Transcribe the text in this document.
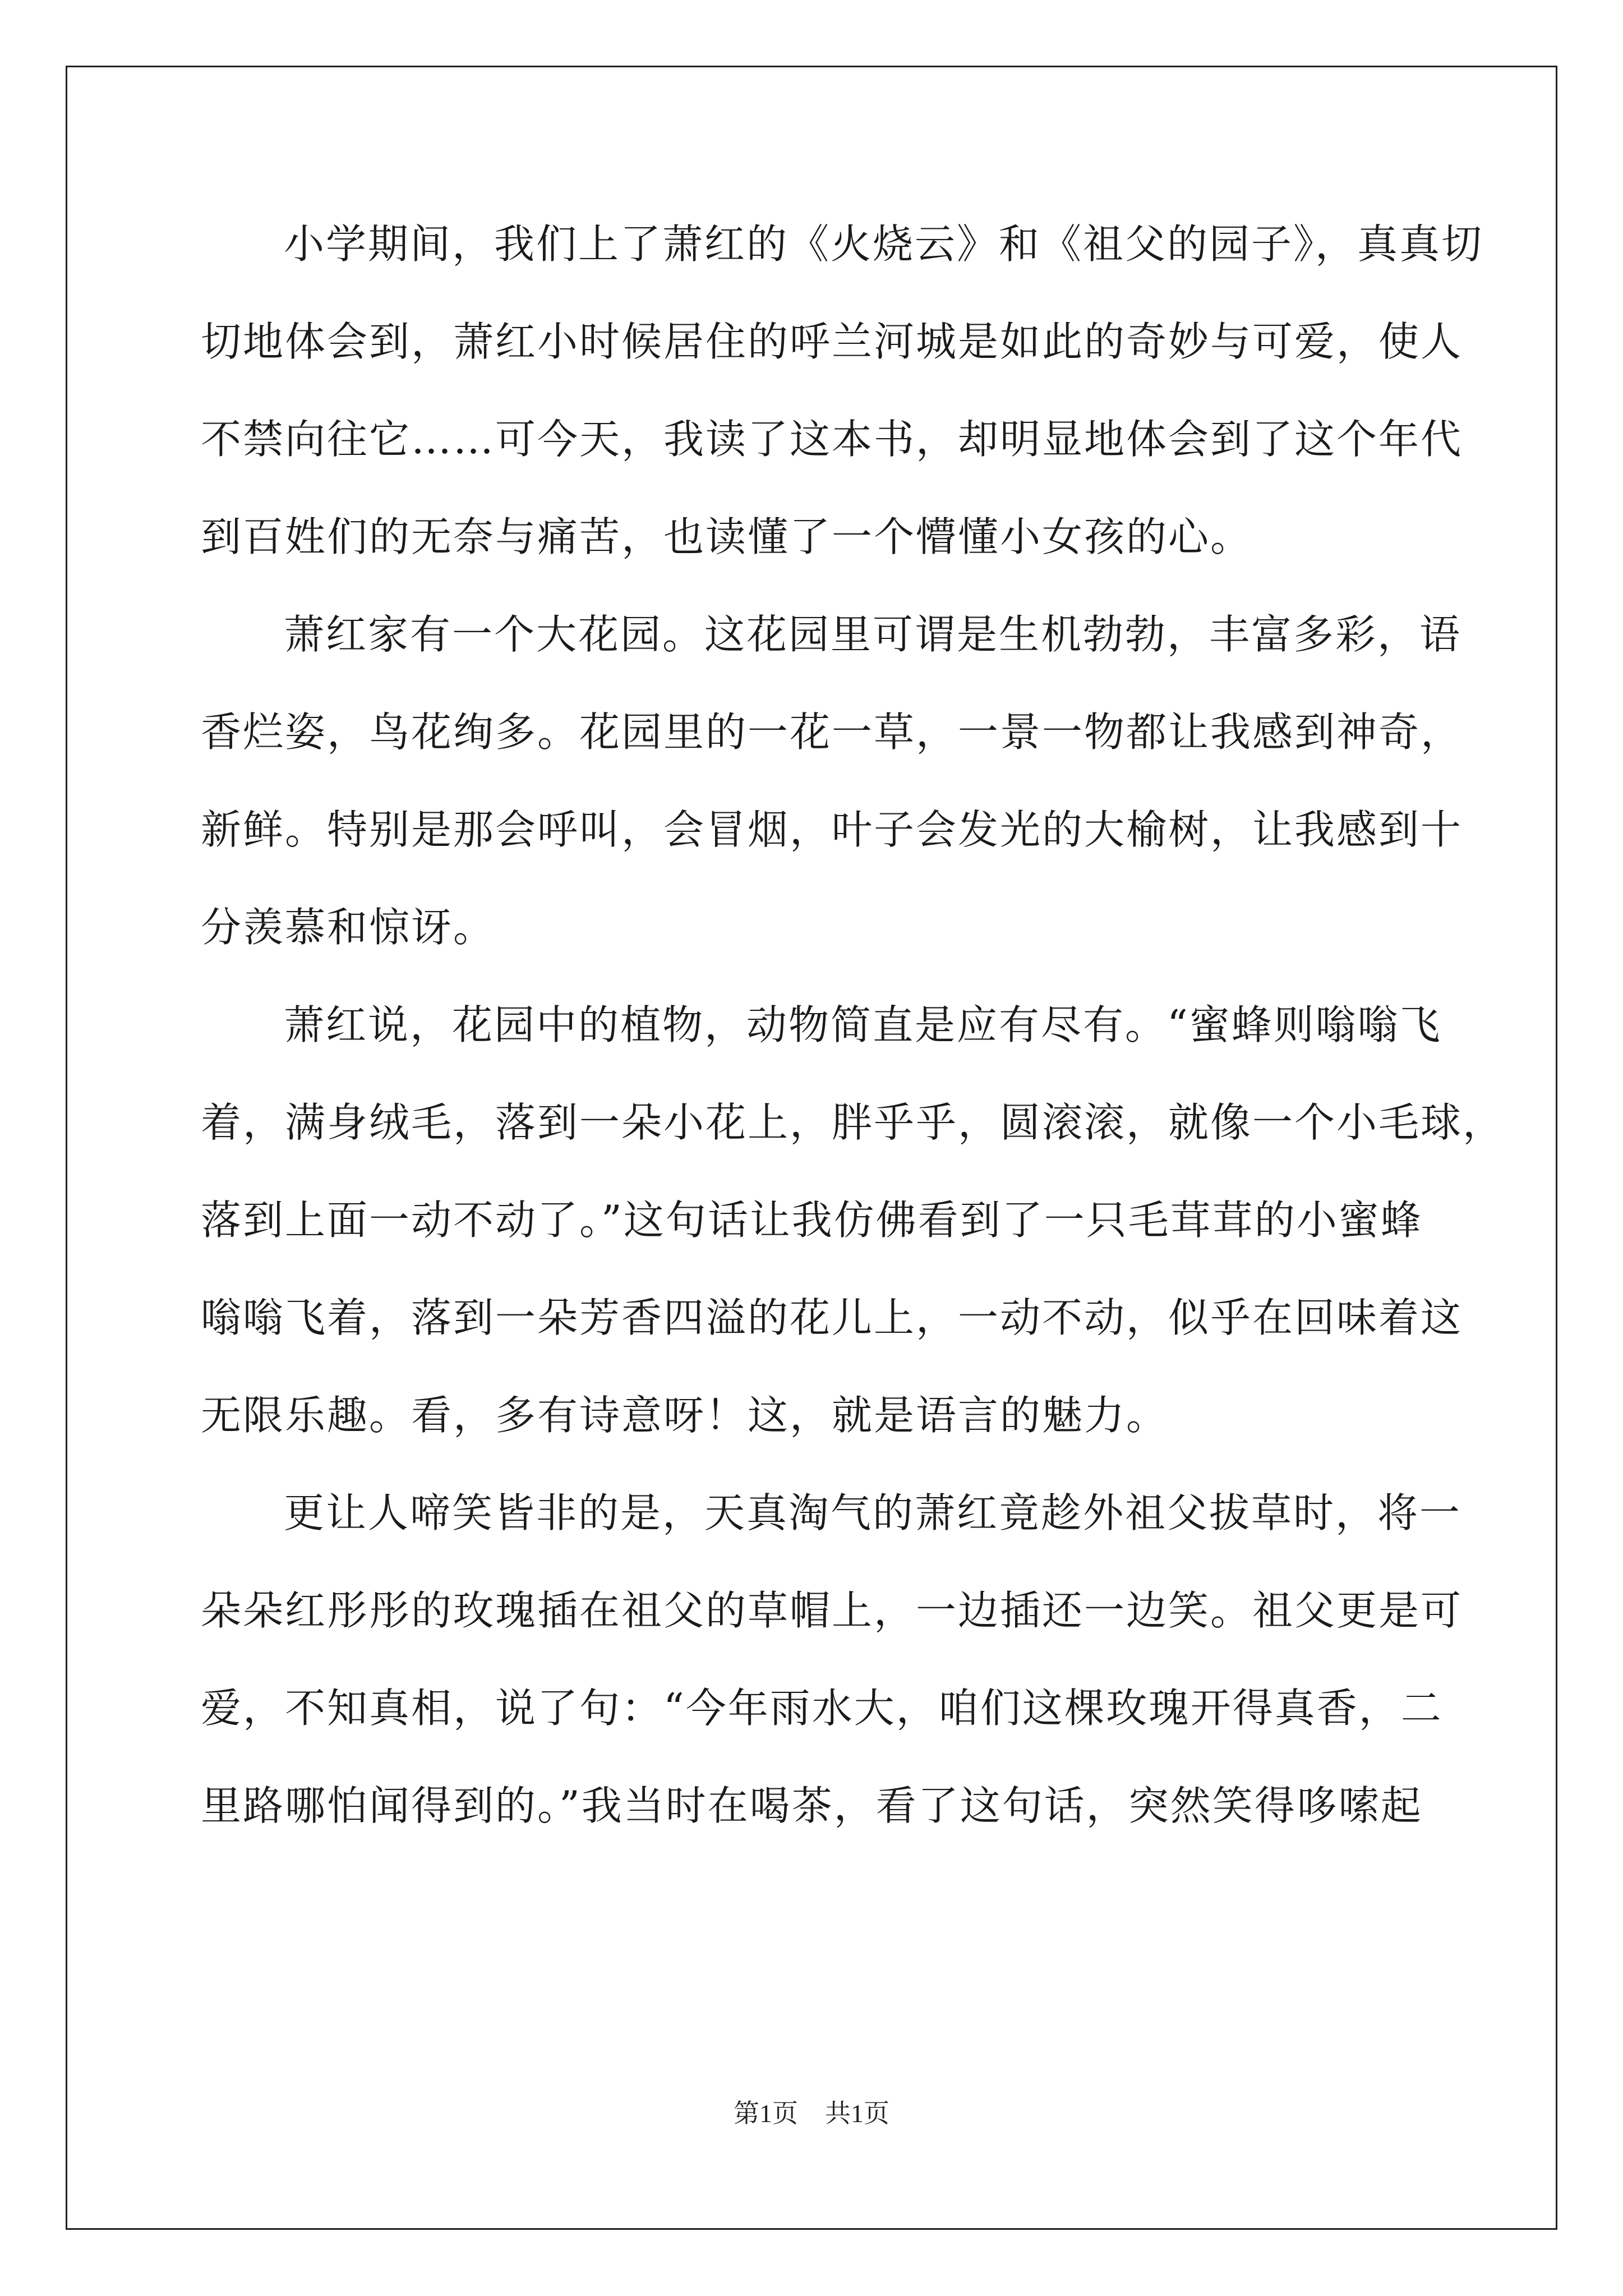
小学期间，我们上了萧红的《火烧云》和《祖父的园子》，真真切
切地体会到，萧红小时候居住的呼兰河城是如此的奇妙与可爱，使人
不禁向往它……可今天，我读了这本书，却明显地体会到了这个年代
到百姓们的无奈与痛苦，也读懂了一个懵懂小女孩的心。
萧红家有一个大花园。这花园里可谓是生机勃勃，丰富多彩，语
香烂姿，鸟花绚多。花园里的一花一草，一景一物都让我感到神奇，
新鲜。特别是那会呼叫，会冒烟，叶子会发光的大榆树，让我感到十
分羡慕和惊讶。
萧红说，花园中的植物，动物简直是应有尽有。“蜜蜂则嗡嗡飞
着，满身绒毛，落到一朵小花上，胖乎乎，圆滚滚，就像一个小毛球，
落到上面一动不动了。”这句话让我仿佛看到了一只毛茸茸的小蜜蜂
嗡嗡飞着，落到一朵芳香四溢的花儿上，一动不动，似乎在回味着这
无限乐趣。看，多有诗意呀！这，就是语言的魅力。
更让人啼笑皆非的是，天真淘气的萧红竟趁外祖父拔草时，将一
朵朵红彤彤的玫瑰插在祖父的草帽上，一边插还一边笑。祖父更是可
爱，不知真相，说了句：“今年雨水大，咱们这棵玫瑰开得真香，二
里路哪怕闻得到的。”我当时在喝茶，看了这句话，突然笑得哆嗦起
第1页 共1页
